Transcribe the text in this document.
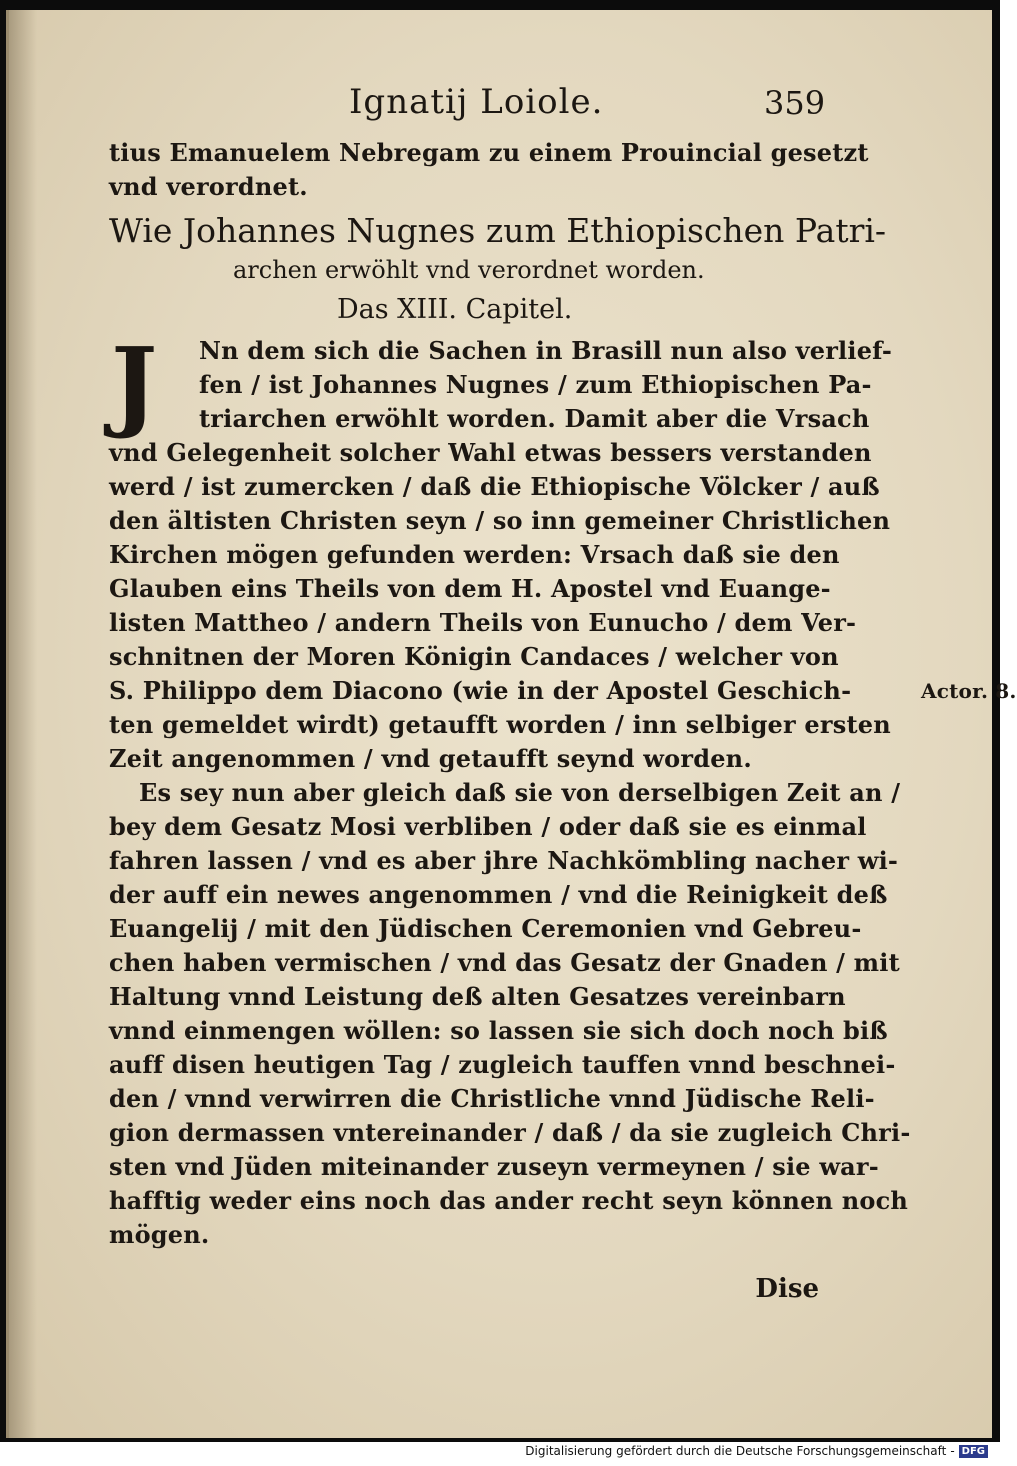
Ignatij Loiole.	359
tius Emanuelem Nebregam zu einem Prouincial gesetzt
vnd verordnet.
Wie Johannes Nugnes zum Ethiopischen Patri-
archen erwöhlt vnd verordnet worden.
Das XIII. Capitel.
J	Nn dem sich die Sachen in Brasill nun also verlief-
fen / ist Johannes Nugnes / zum Ethiopischen Pa-
triarchen erwöhlt worden. Damit aber die Vrsach
vnd Gelegenheit solcher Wahl etwas bessers verstanden
werd / ist zumercken / daß die Ethiopische Völcker / auß
den ältisten Christen seyn / so inn gemeiner Christlichen
Kirchen mögen gefunden werden: Vrsach daß sie den
Glauben eins Theils von dem H. Apostel vnd Euange-
listen Mattheo / andern Theils von Eunucho / dem Ver-
schnitnen der Moren Königin Candaces / welcher von
S. Philippo dem Diacono (wie in der Apostel Geschich-	Actor. 8.
ten gemeldet wirdt) getaufft worden / inn selbiger ersten
Zeit angenommen / vnd getaufft seynd worden.
Es sey nun aber gleich daß sie von derselbigen Zeit an /
bey dem Gesatz Mosi verbliben / oder daß sie es einmal
fahren lassen / vnd es aber jhre Nachkömbling nacher wi-
der auff ein newes angenommen / vnd die Reinigkeit deß
Euangelij / mit den Jüdischen Ceremonien vnd Gebreu-
chen haben vermischen / vnd das Gesatz der Gnaden / mit
Haltung vnnd Leistung deß alten Gesatzes vereinbarn
vnnd einmengen wöllen: so lassen sie sich doch noch biß
auff disen heutigen Tag / zugleich tauffen vnnd beschnei-
den / vnnd verwirren die Christliche vnnd Jüdische Reli-
gion dermassen vntereinander / daß / da sie zugleich Chri-
sten vnd Jüden miteinander zuseyn vermeynen / sie war-
hafftig weder eins noch das ander recht seyn können noch
mögen.
Dise
Digitalisierung gefördert durch die Deutsche Forschungsgemeinschaft - DFG
